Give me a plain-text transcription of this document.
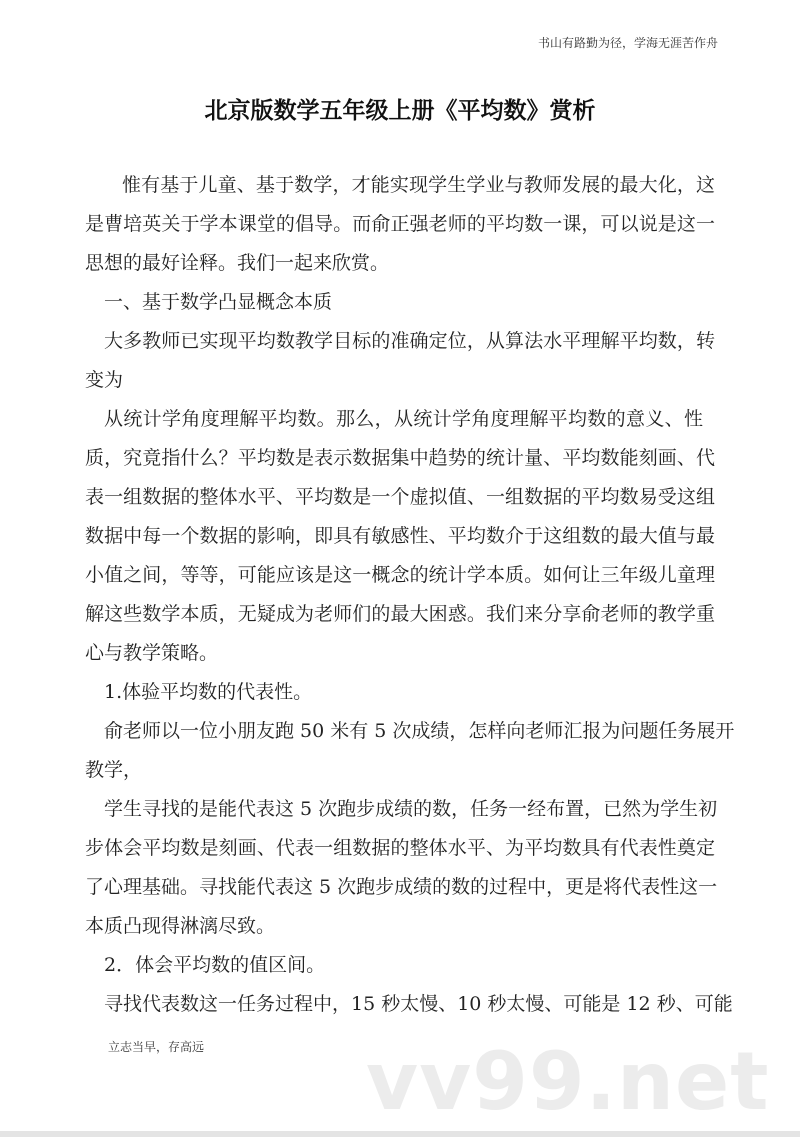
书山有路勤为径，学海无涯苦作舟
北京版数学五年级上册《平均数》赏析
惟有基于儿童、基于数学，才能实现学生学业与教师发展的最大化，这
是曹培英关于学本课堂的倡导。而俞正强老师的平均数一课，可以说是这一
思想的最好诠释。我们一起来欣赏。
一、基于数学凸显概念本质
大多教师已实现平均数教学目标的准确定位，从算法水平理解平均数，转
变为
从统计学角度理解平均数。那么，从统计学角度理解平均数的意义、性
质，究竟指什么？平均数是表示数据集中趋势的统计量、平均数能刻画、代
表一组数据的整体水平、平均数是一个虚拟值、一组数据的平均数易受这组
数据中每一个数据的影响，即具有敏感性、平均数介于这组数的最大值与最
小值之间，等等，可能应该是这一概念的统计学本质。如何让三年级儿童理
解这些数学本质，无疑成为老师们的最大困惑。我们来分享俞老师的教学重
心与教学策略。
1.体验平均数的代表性。
俞老师以一位小朋友跑 50 米有 5 次成绩，怎样向老师汇报为问题任务展开
教学，
学生寻找的是能代表这 5 次跑步成绩的数，任务一经布置，已然为学生初
步体会平均数是刻画、代表一组数据的整体水平、为平均数具有代表性奠定
了心理基础。寻找能代表这 5 次跑步成绩的数的过程中，更是将代表性这一
本质凸现得淋漓尽致。
2．体会平均数的值区间。
寻找代表数这一任务过程中，15 秒太慢、10 秒太慢、可能是 12 秒、可能
vv99.net
立志当早，存高远
